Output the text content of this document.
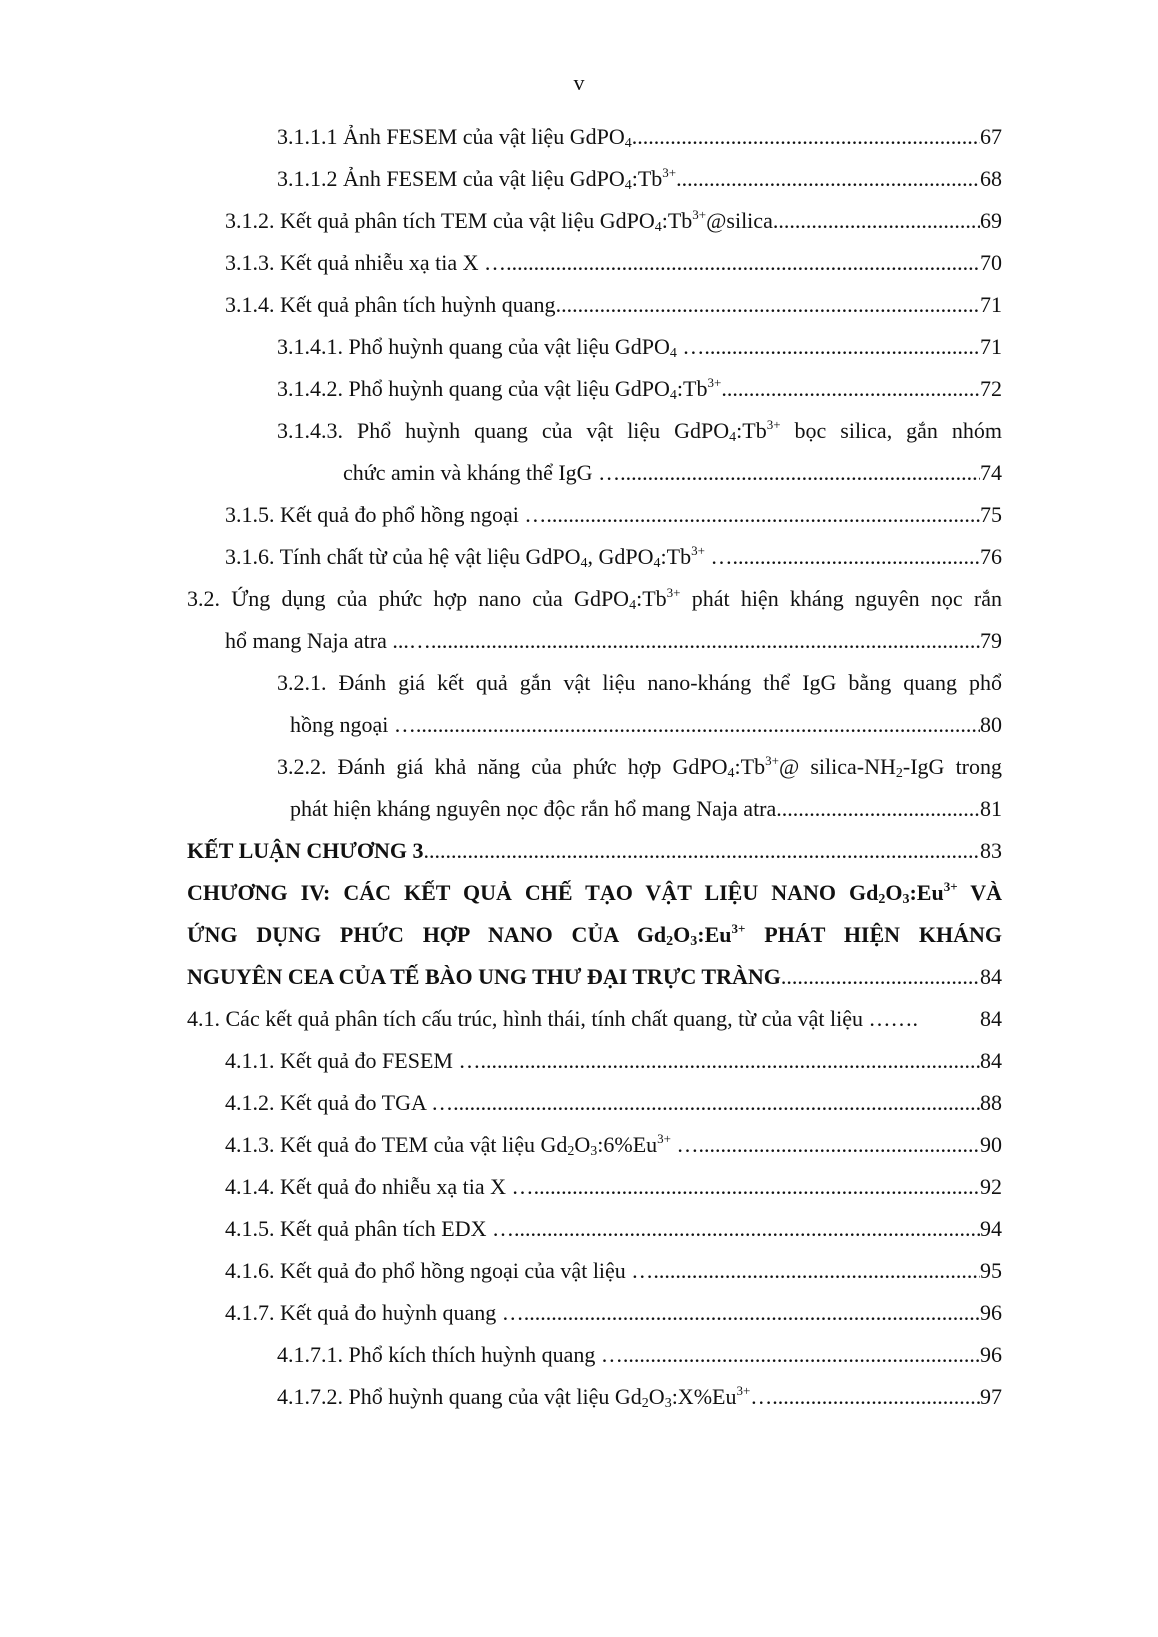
v
3.1.1.1 Ảnh FESEM của vật liệu GdPO$_4$ .....	67
3.1.1.2 Ảnh FESEM của vật liệu $GdPO_4:Tb^{3+}$ .....	68
3.1.2. Kết quả phân tích TEM của vật liệu $GdPO_4:Tb^{3+}@silica$ .....	69
3.1.3. Kết quả nhiễu xạ tia X … .....	70
3.1.4. Kết quả phân tích huỳnh quang .....	71
3.1.4.1. Phổ huỳnh quang của vật liệu GdPO$_4$ … .....	71
3.1.4.2. Phổ huỳnh quang của vật liệu $GdPO_4:Tb^{3+}$ .....	72
3.1.4.3. Phổ huỳnh quang của vật liệu $GdPO_4:Tb^{3+}$ bọc silica, gắn nhóm
chức amin và kháng thể IgG … .....	74
3.1.5. Kết quả đo phổ hồng ngoại … .....	75
3.1.6. Tính chất từ của hệ vật liệu GdPO$_4$, $GdPO_4:Tb^{3+}$ … .....	76
3.2. Ứng dụng của phức hợp nano của $GdPO_4:Tb^{3+}$ phát hiện kháng nguyên nọc rắn
hổ mang Naja atra ...… .....	79
3.2.1. Đánh giá kết quả gắn vật liệu nano-kháng thể IgG bằng quang phổ
hồng ngoại … .....	80
3.2.2. Đánh giá khả năng của phức hợp $GdPO_4:Tb^{3+}@$ silica-$NH_2$-IgG trong
phát hiện kháng nguyên nọc độc rắn hổ mang Naja atra .....	81
KẾT LUẬN CHƯƠNG 3 .....	83
CHƯƠNG IV: CÁC KẾT QUẢ CHẾ TẠO VẬT LIỆU NANO $Gd_2O_3:Eu^{3+}$ VÀ
ỨNG DỤNG PHỨC HỢP NANO CỦA $Gd_2O_3:Eu^{3+}$ PHÁT HIỆN KHÁNG
NGUYÊN CEA CỦA TẾ BÀO UNG THƯ ĐẠI TRỰC TRÀNG .....	84
4.1. Các kết quả phân tích cấu trúc, hình thái, tính chất quang, từ của vật liệu …….	84
4.1.1. Kết quả đo FESEM … .....	84
4.1.2. Kết quả đo TGA … .....	88
4.1.3. Kết quả đo TEM của vật liệu $Gd_2O_3:6\%Eu^{3+}$ … .....	90
4.1.4. Kết quả đo nhiễu xạ tia X … .....	92
4.1.5. Kết quả phân tích EDX … .....	94
4.1.6. Kết quả đo phổ hồng ngoại của vật liệu … .....	95
4.1.7. Kết quả đo huỳnh quang … .....	96
4.1.7.1. Phổ kích thích huỳnh quang … .....	96
4.1.7.2. Phổ huỳnh quang của vật liệu $Gd_2O_3:X\%Eu^{3+}\dots$ .....	97
